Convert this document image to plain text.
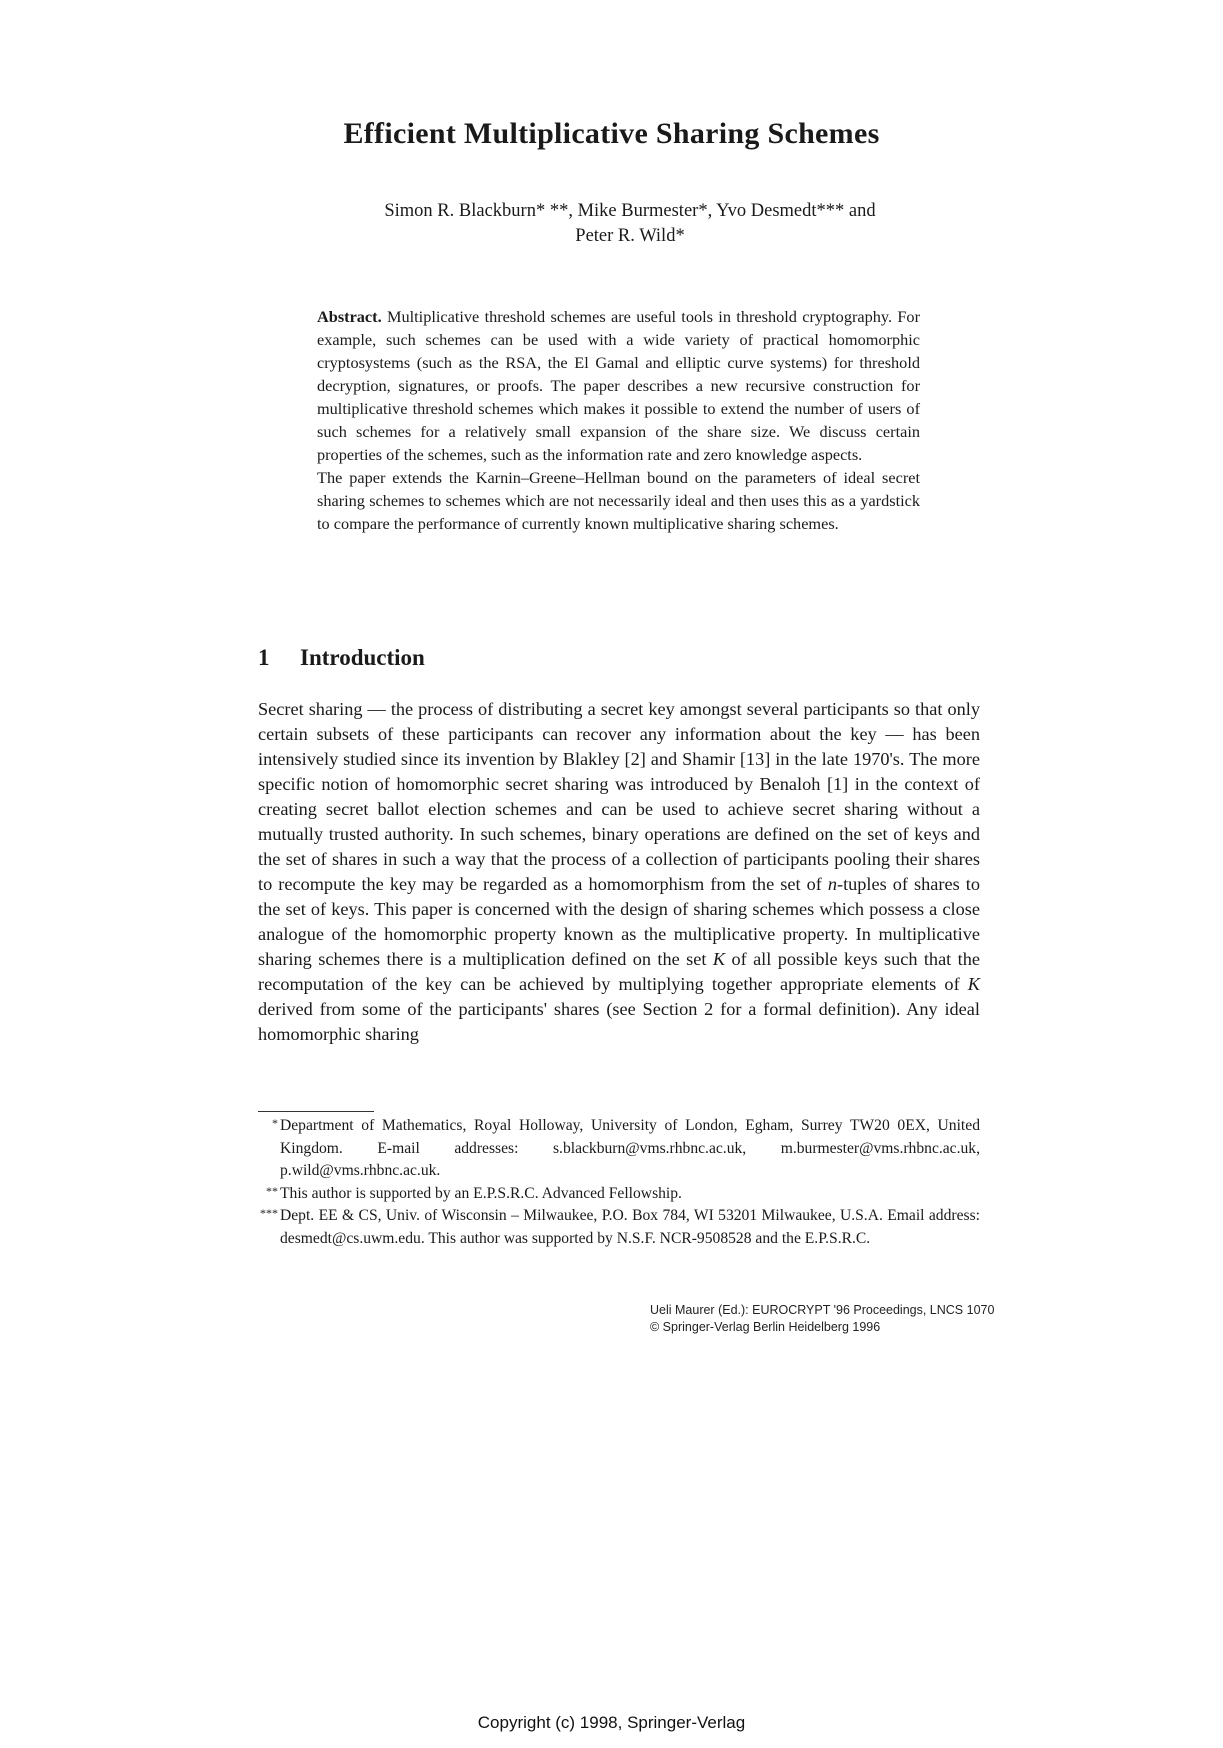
Efficient Multiplicative Sharing Schemes
Simon R. Blackburn* **, Mike Burmester*, Yvo Desmedt*** and
Peter R. Wild*

Abstract. Multiplicative threshold schemes are useful tools in threshold cryptography. For example, such schemes can be used with a wide variety of practical homomorphic cryptosystems (such as the RSA, the El Gamal and elliptic curve systems) for threshold decryption, signatures, or proofs. The paper describes a new recursive construction for multiplicative threshold schemes which makes it possible to extend the number of users of such schemes for a relatively small expansion of the share size. We discuss certain properties of the schemes, such as the information rate and zero knowledge aspects.

The paper extends the Karnin–Greene–Hellman bound on the parameters of ideal secret sharing schemes to schemes which are not necessarily ideal and then uses this as a yardstick to compare the performance of currently known multiplicative sharing schemes.

1 Introduction

Secret sharing — the process of distributing a secret key amongst several participants so that only certain subsets of these participants can recover any information about the key — has been intensively studied since its invention by Blakley [2] and Shamir [13] in the late 1970's. The more specific notion of homomorphic secret sharing was introduced by Benaloh [1] in the context of creating secret ballot election schemes and can be used to achieve secret sharing without a mutually trusted authority. In such schemes, binary operations are defined on the set of keys and the set of shares in such a way that the process of a collection of participants pooling their shares to recompute the key may be regarded as a homomorphism from the set of n-tuples of shares to the set of keys. This paper is concerned with the design of sharing schemes which possess a close analogue of the homomorphic property known as the multiplicative property. In multiplicative sharing schemes there is a multiplication defined on the set K of all possible keys such that the recomputation of the key can be achieved by multiplying together appropriate elements of K derived from some of the participants' shares (see Section 2 for a formal definition). Any ideal homomorphic sharing

* Department of Mathematics, Royal Holloway, University of London, Egham, Surrey TW20 0EX, United Kingdom. E-mail addresses: s.blackburn@vms.rhbnc.ac.uk, m.burmester@vms.rhbnc.ac.uk, p.wild@vms.rhbnc.ac.uk.
** This author is supported by an E.P.S.R.C. Advanced Fellowship.
*** Dept. EE & CS, Univ. of Wisconsin – Milwaukee, P.O. Box 784, WI 53201 Milwaukee, U.S.A. Email address: desmedt@cs.uwm.edu. This author was supported by N.S.F. NCR-9508528 and the E.P.S.R.C.
Ueli Maurer (Ed.): EUROCRYPT '96 Proceedings, LNCS 1070
© Springer-Verlag Berlin Heidelberg 1996
Copyright (c) 1998, Springer-Verlag
